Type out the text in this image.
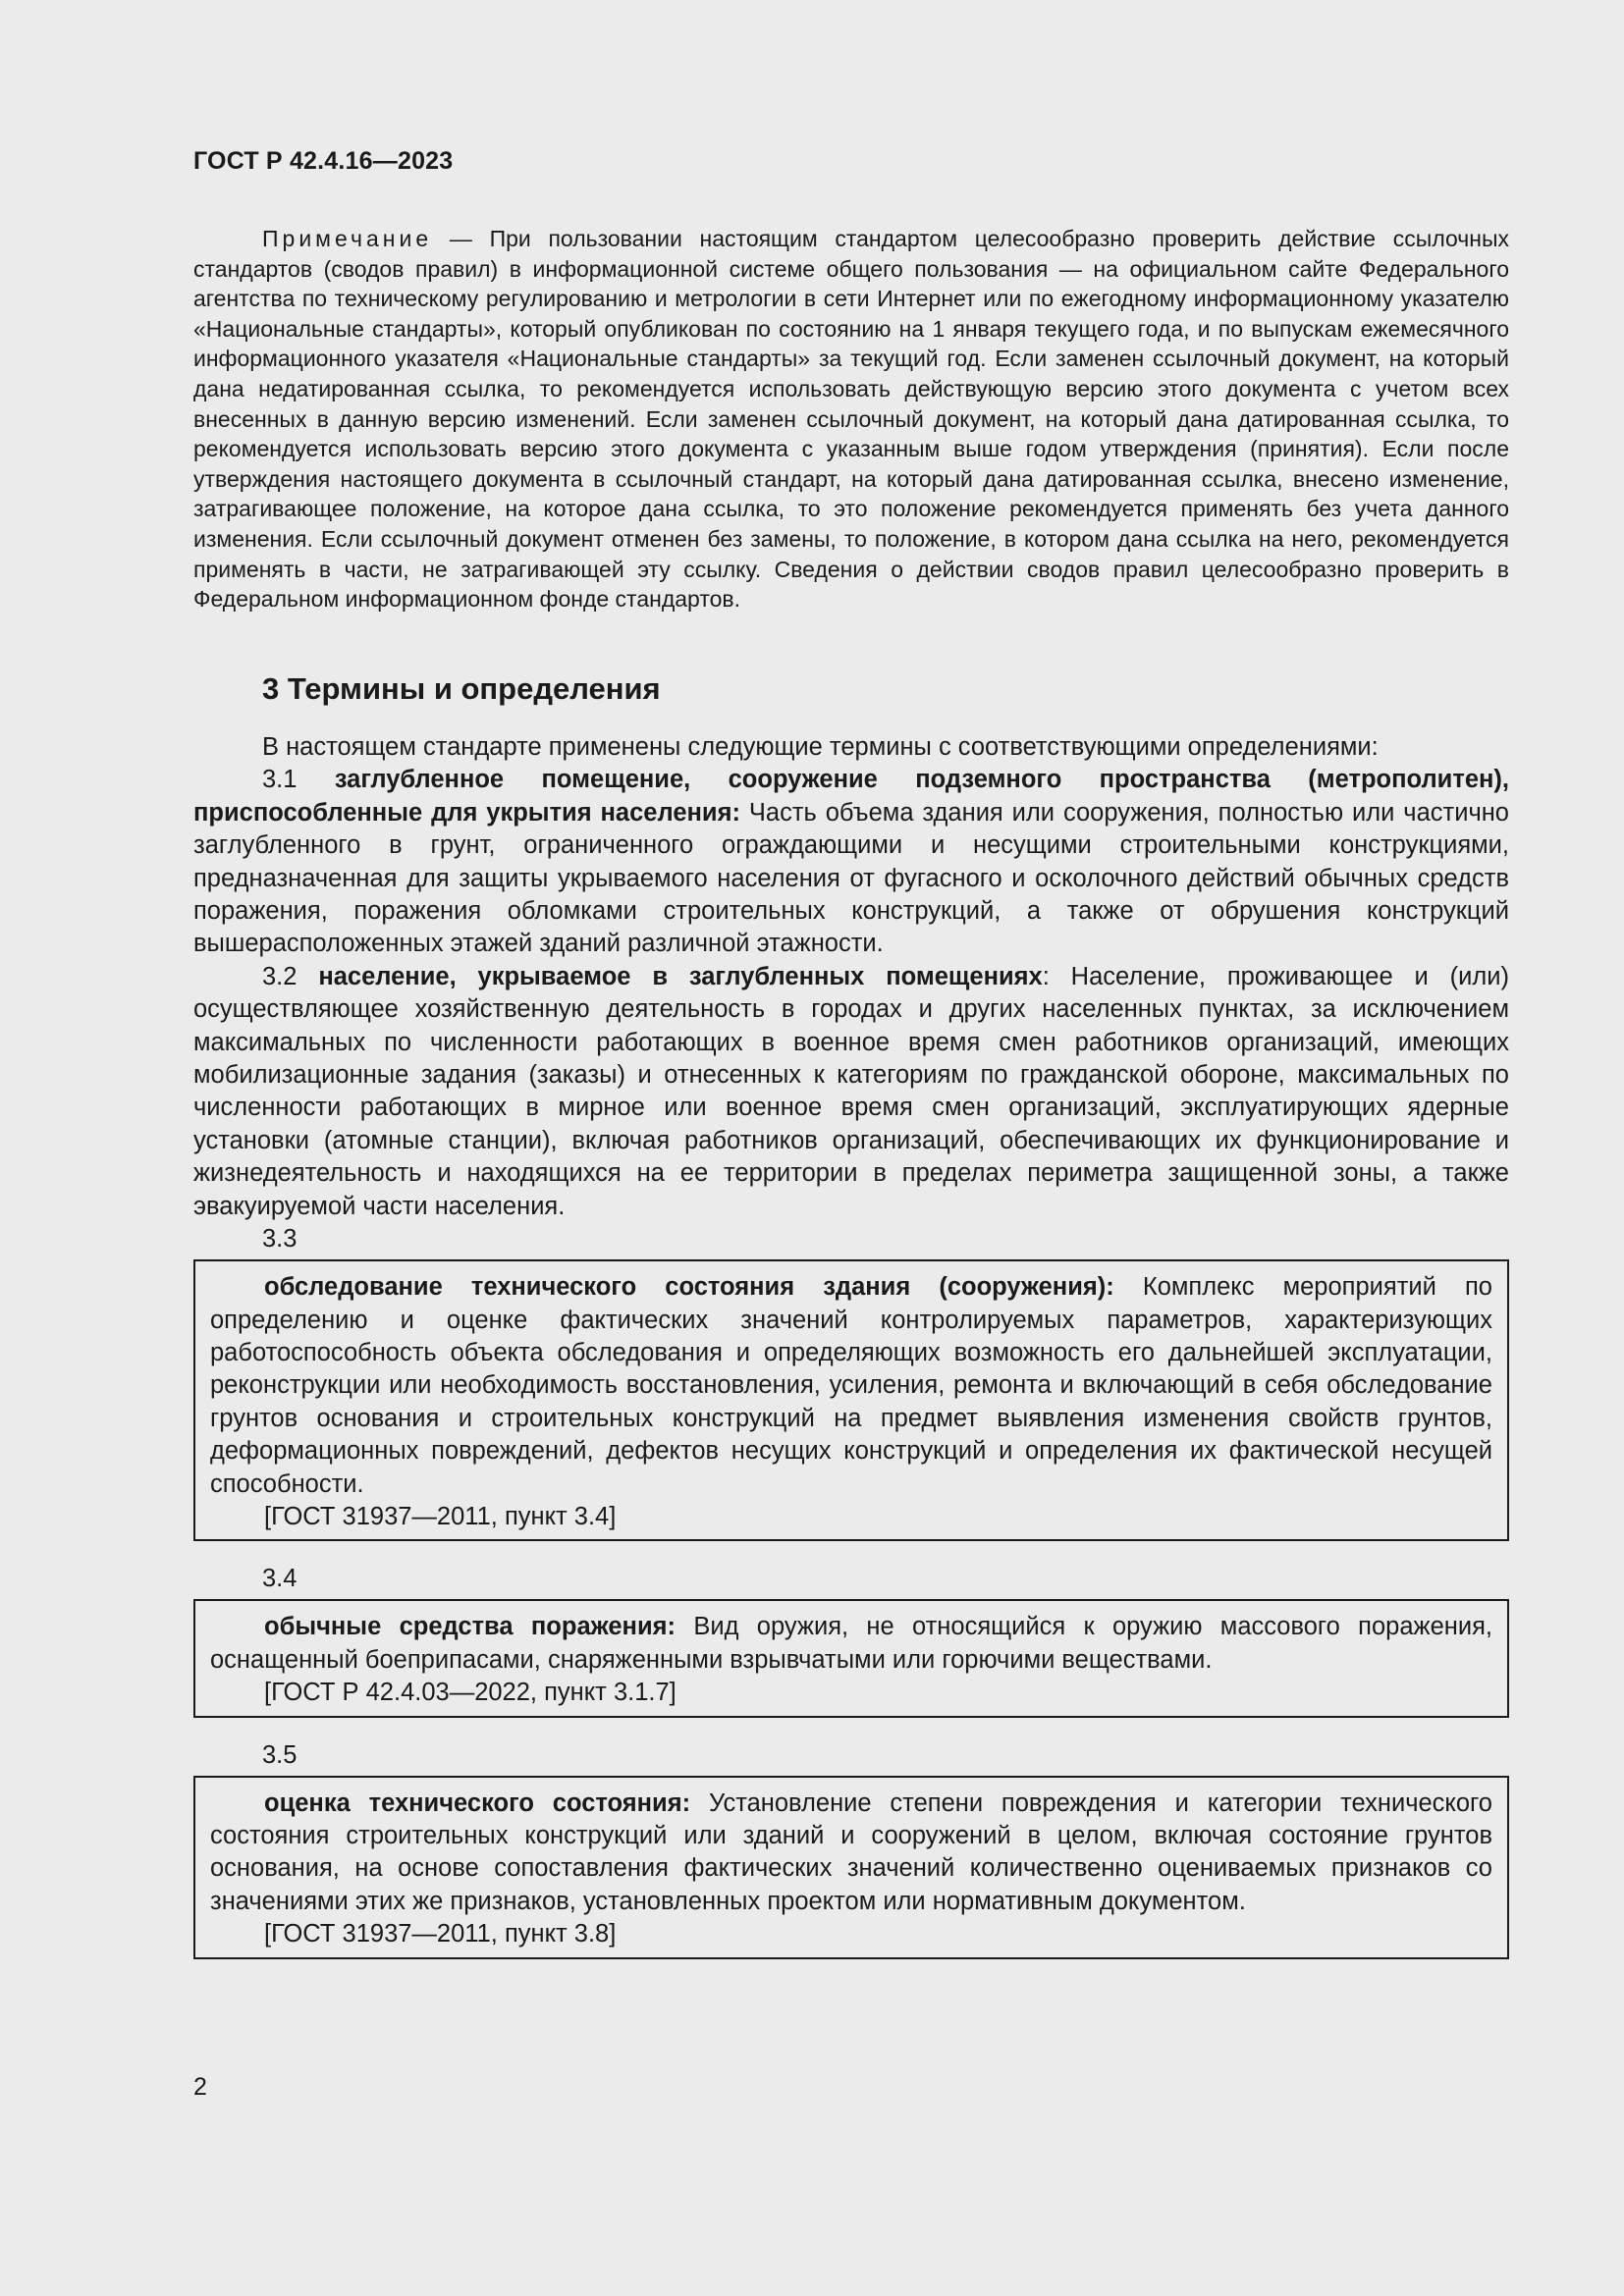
ГОСТ Р 42.4.16—2023
Примечание — При пользовании настоящим стандартом целесообразно проверить действие ссылочных стандартов (сводов правил) в информационной системе общего пользования — на официальном сайте Федерального агентства по техническому регулированию и метрологии в сети Интернет или по ежегодному информационному указателю «Национальные стандарты», который опубликован по состоянию на 1 января текущего года, и по выпускам ежемесячного информационного указателя «Национальные стандарты» за текущий год. Если заменен ссылочный документ, на который дана недатированная ссылка, то рекомендуется использовать действующую версию этого документа с учетом всех внесенных в данную версию изменений. Если заменен ссылочный документ, на который дана датированная ссылка, то рекомендуется использовать версию этого документа с указанным выше годом утверждения (принятия). Если после утверждения настоящего документа в ссылочный стандарт, на который дана датированная ссылка, внесено изменение, затрагивающее положение, на которое дана ссылка, то это положение рекомендуется применять без учета данного изменения. Если ссылочный документ отменен без замены, то положение, в котором дана ссылка на него, рекомендуется применять в части, не затрагивающей эту ссылку. Сведения о действии сводов правил целесообразно проверить в Федеральном информационном фонде стандартов.
3 Термины и определения

В настоящем стандарте применены следующие термины с соответствующими определениями:

3.1 заглубленное помещение, сооружение подземного пространства (метрополитен), приспособленные для укрытия населения: Часть объема здания или сооружения, полностью или частично заглубленного в грунт, ограниченного ограждающими и несущими строительными конструкциями, предназначенная для защиты укрываемого населения от фугасного и осколочного действий обычных средств поражения, поражения обломками строительных конструкций, а также от обрушения конструкций вышерасположенных этажей зданий различной этажности.

3.2 население, укрываемое в заглубленных помещениях: Население, проживающее и (или) осуществляющее хозяйственную деятельность в городах и других населенных пунктах, за исключением максимальных по численности работающих в военное время смен работников организаций, имеющих мобилизационные задания (заказы) и отнесенных к категориям по гражданской обороне, максимальных по численности работающих в мирное или военное время смен организаций, эксплуатирующих ядерные установки (атомные станции), включая работников организаций, обеспечивающих их функционирование и жизнедеятельность и находящихся на ее территории в пределах периметра защищенной зоны, а также эвакуируемой части населения.

3.3

обследование технического состояния здания (сооружения): Комплекс мероприятий по определению и оценке фактических значений контролируемых параметров, характеризующих работоспособность объекта обследования и определяющих возможность его дальнейшей эксплуатации, реконструкции или необходимость восстановления, усиления, ремонта и включающий в себя обследование грунтов основания и строительных конструкций на предмет выявления изменения свойств грунтов, деформационных повреждений, дефектов несущих конструкций и определения их фактической несущей способности.

[ГОСТ 31937—2011, пункт 3.4]

3.4

обычные средства поражения: Вид оружия, не относящийся к оружию массового поражения, оснащенный боеприпасами, снаряженными взрывчатыми или горючими веществами.

[ГОСТ Р 42.4.03—2022, пункт 3.1.7]

3.5

оценка технического состояния: Установление степени повреждения и категории технического состояния строительных конструкций или зданий и сооружений в целом, включая состояние грунтов основания, на основе сопоставления фактических значений количественно оцениваемых признаков со значениями этих же признаков, установленных проектом или нормативным документом.

[ГОСТ 31937—2011, пункт 3.8]

2
